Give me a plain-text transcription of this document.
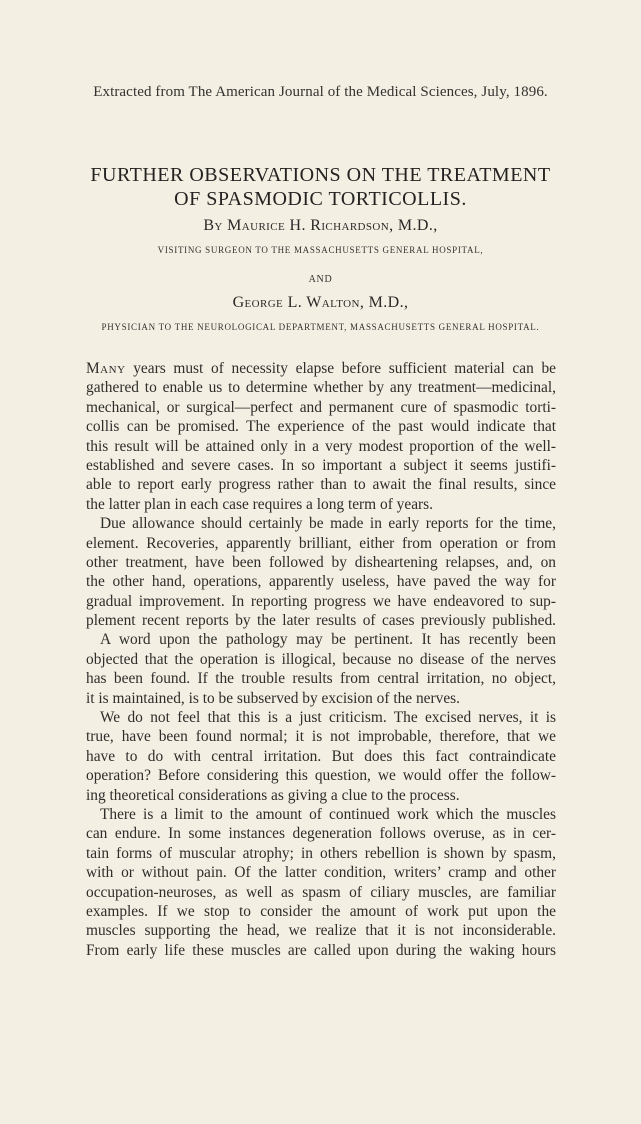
Extracted from The American Journal of the Medical Sciences, July, 1896.
FURTHER OBSERVATIONS ON THE TREATMENT
OF SPASMODIC TORTICOLLIS.
By Maurice H. Richardson, M.D.,
VISITING SURGEON TO THE MASSACHUSETTS GENERAL HOSPITAL,
AND
George L. Walton, M.D.,
PHYSICIAN TO THE NEUROLOGICAL DEPARTMENT, MASSACHUSETTS GENERAL HOSPITAL.
Many years must of necessity elapse before sufficient material can be
gathered to enable us to determine whether by any treatment—medicinal,
mechanical, or surgical—perfect and permanent cure of spasmodic torti-
collis can be promised. The experience of the past would indicate that
this result will be attained only in a very modest proportion of the well-
established and severe cases. In so important a subject it seems justifi-
able to report early progress rather than to await the final results, since
the latter plan in each case requires a long term of years.
Due allowance should certainly be made in early reports for the time,
element. Recoveries, apparently brilliant, either from operation or from
other treatment, have been followed by disheartening relapses, and, on
the other hand, operations, apparently useless, have paved the way for
gradual improvement. In reporting progress we have endeavored to sup-
plement recent reports by the later results of cases previously published.
A word upon the pathology may be pertinent. It has recently been
objected that the operation is illogical, because no disease of the nerves
has been found. If the trouble results from central irritation, no object,
it is maintained, is to be subserved by excision of the nerves.
We do not feel that this is a just criticism. The excised nerves, it is
true, have been found normal; it is not improbable, therefore, that we
have to do with central irritation. But does this fact contraindicate
operation? Before considering this question, we would offer the follow-
ing theoretical considerations as giving a clue to the process.
There is a limit to the amount of continued work which the muscles
can endure. In some instances degeneration follows overuse, as in cer-
tain forms of muscular atrophy; in others rebellion is shown by spasm,
with or without pain. Of the latter condition, writers’ cramp and other
occupation-neuroses, as well as spasm of ciliary muscles, are familiar
examples. If we stop to consider the amount of work put upon the
muscles supporting the head, we realize that it is not inconsiderable.
From early life these muscles are called upon during the waking hours
